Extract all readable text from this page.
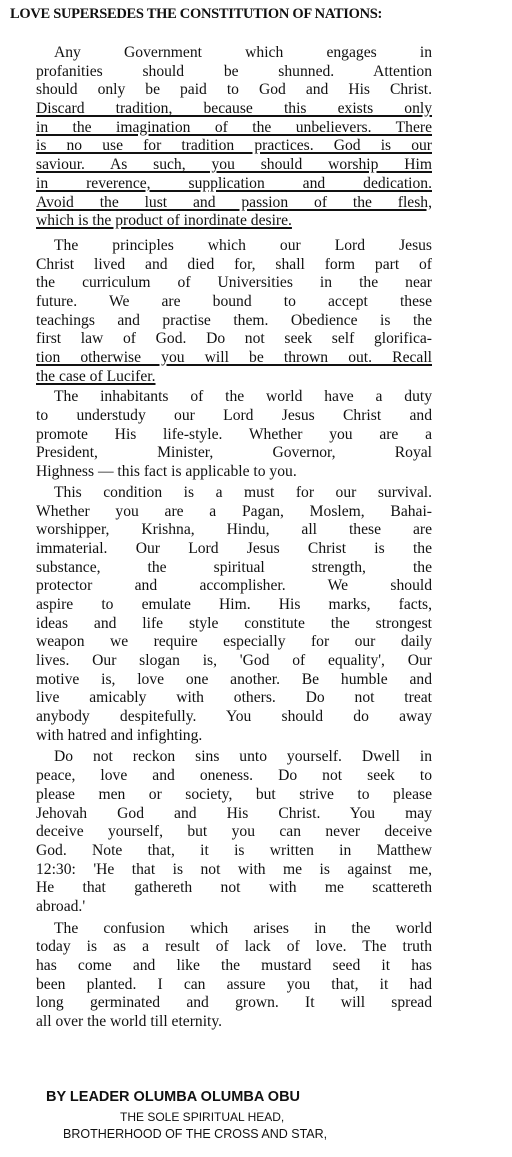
LOVE SUPERSEDES THE CONSTITUTION OF NATIONS:
Any Government which engages in
profanities should be shunned. Attention
should only be paid to God and His Christ.
Discard tradition, because this exists only
in the imagination of the unbelievers. There
is no use for tradition practices. God is our
saviour. As such, you should worship Him
in reverence, supplication and dedication.
Avoid the lust and passion of the flesh,
which is the product of inordinate desire.
The principles which our Lord Jesus
Christ lived and died for, shall form part of
the curriculum of Universities in the near
future. We are bound to accept these
teachings and practise them. Obedience is the
first law of God. Do not seek self glorifica-
tion otherwise you will be thrown out. Recall
the case of Lucifer.
The inhabitants of the world have a duty
to understudy our Lord Jesus Christ and
promote His life-style. Whether you are a
President, Minister, Governor, Royal
Highness — this fact is applicable to you.
This condition is a must for our survival.
Whether you are a Pagan, Moslem, Bahai-
worshipper, Krishna, Hindu, all these are
immaterial. Our Lord Jesus Christ is the
substance, the spiritual strength, the
protector and accomplisher. We should
aspire to emulate Him. His marks, facts,
ideas and life style constitute the strongest
weapon we require especially for our daily
lives. Our slogan is, 'God of equality', Our
motive is, love one another. Be humble and
live amicably with others. Do not treat
anybody despitefully. You should do away
with hatred and infighting.
Do not reckon sins unto yourself. Dwell in
peace, love and oneness. Do not seek to
please men or society, but strive to please
Jehovah God and His Christ. You may
deceive yourself, but you can never deceive
God. Note that, it is written in Matthew
12:30: 'He that is not with me is against me,
He that gathereth not with me scattereth
abroad.'
The confusion which arises in the world
today is as a result of lack of love. The truth
has come and like the mustard seed it has
been planted. I can assure you that, it had
long germinated and grown. It will spread
all over the world till eternity.
BY LEADER OLUMBA OLUMBA OBU
THE SOLE SPIRITUAL HEAD,
BROTHERHOOD OF THE CROSS AND STAR,
